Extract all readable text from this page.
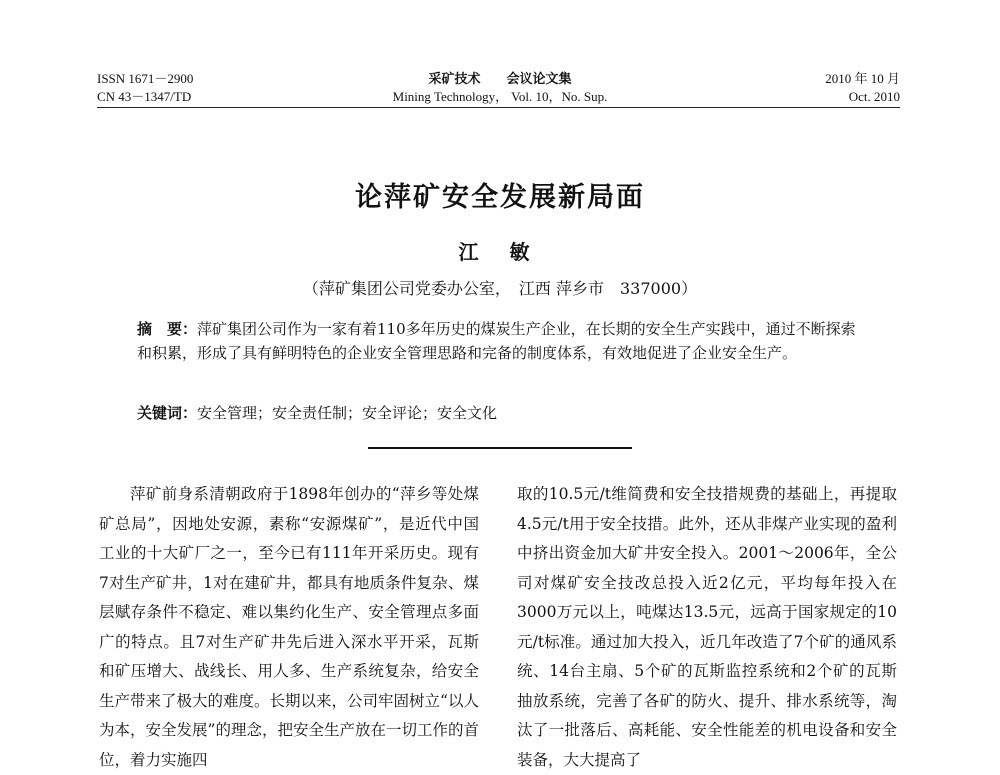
ISSN 1671－2900
CN 43－1347/TD
采矿技术　　会议论文集
Mining Technology， Vol. 10，No. Sup.
2010 年 10 月
Oct. 2010
论萍矿安全发展新局面
江 敏
（萍矿集团公司党委办公室，　江西 萍乡市　337000）
摘　要：萍矿集团公司作为一家有着110多年历史的煤炭生产企业，在长期的安全生产实践中，通过不断探索和积累，形成了具有鲜明特色的企业安全管理思路和完备的制度体系，有效地促进了企业安全生产。
关键词：安全管理；安全责任制；安全评论；安全文化

萍矿前身系清朝政府于1898年创办的“萍乡等处煤矿总局”，因地处安源，素称“安源煤矿”，是近代中国工业的十大矿厂之一，至今已有111年开采历史。现有7对生产矿井，1对在建矿井，都具有地质条件复杂、煤层赋存条件不稳定、难以集约化生产、安全管理点多面广的特点。且7对生产矿井先后进入深水平开采，瓦斯和矿压增大、战线长、用人多、生产系统复杂，给安全生产带来了极大的难度。长期以来，公司牢固树立“以人为本，安全发展”的理念，把安全生产放在一切工作的首位，着力实施四

取的10.5元/t维简费和安全技措规费的基础上，再提取4.5元/t用于安全技措。此外，还从非煤产业实现的盈利中挤出资金加大矿井安全投入。2001～2006年，全公司对煤矿安全技改总投入近2亿元，平均每年投入在3000万元以上，吨煤达13.5元，远高于国家规定的10元/t标准。通过加大投入，近几年改造了7个矿的通风系统、14台主扇、5个矿的瓦斯监控系统和2个矿的瓦斯抽放系统，完善了各矿的防火、提升、排水系统等，淘汰了一批落后、高耗能、安全性能差的机电设备和安全装备，大大提高了
